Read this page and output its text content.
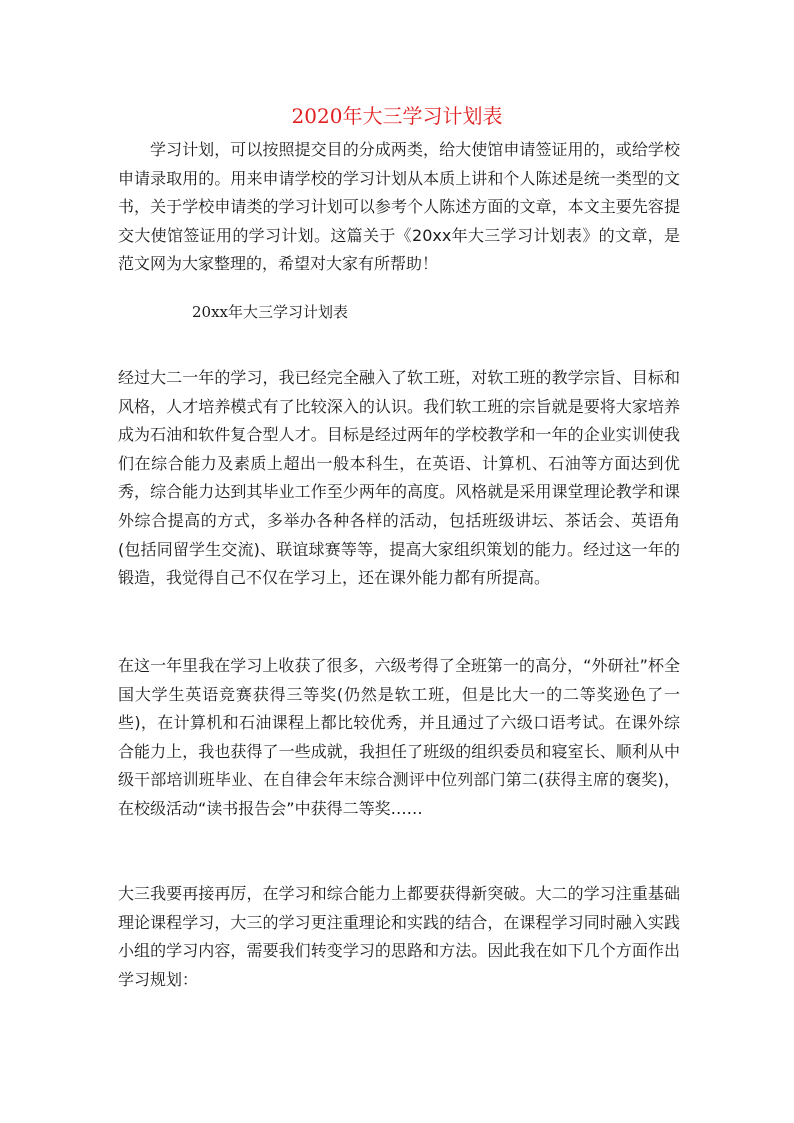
2020年大三学习计划表

学习计划，可以按照提交目的分成两类，给大使馆申请签证用的，或给学校申请录取用的。用来申请学校的学习计划从本质上讲和个人陈述是统一类型的文书，关于学校申请类的学习计划可以参考个人陈述方面的文章，本文主要先容提交大使馆签证用的学习计划。这篇关于《20xx年大三学习计划表》的文章，是范文网为大家整理的，希望对大家有所帮助！

20xx年大三学习计划表

经过大二一年的学习，我已经完全融入了软工班，对软工班的教学宗旨、目标和风格，人才培养模式有了比较深入的认识。我们软工班的宗旨就是要将大家培养成为石油和软件复合型人才。目标是经过两年的学校教学和一年的企业实训使我们在综合能力及素质上超出一般本科生，在英语、计算机、石油等方面达到优秀，综合能力达到其毕业工作至少两年的高度。风格就是采用课堂理论教学和课外综合提高的方式，多举办各种各样的活动，包括班级讲坛、茶话会、英语角(包括同留学生交流)、联谊球赛等等，提高大家组织策划的能力。经过这一年的锻造，我觉得自己不仅在学习上，还在课外能力都有所提高。

在这一年里我在学习上收获了很多，六级考得了全班第一的高分，“外研社”杯全国大学生英语竞赛获得三等奖(仍然是软工班，但是比大一的二等奖逊色了一些)，在计算机和石油课程上都比较优秀，并且通过了六级口语考试。在课外综合能力上，我也获得了一些成就，我担任了班级的组织委员和寝室长、顺利从中级干部培训班毕业、在自律会年末综合测评中位列部门第二(获得主席的褒奖)，在校级活动“读书报告会”中获得二等奖……

大三我要再接再厉，在学习和综合能力上都要获得新突破。大二的学习注重基础理论课程学习，大三的学习更注重理论和实践的结合，在课程学习同时融入实践小组的学习内容，需要我们转变学习的思路和方法。因此我在如下几个方面作出学习规划：
